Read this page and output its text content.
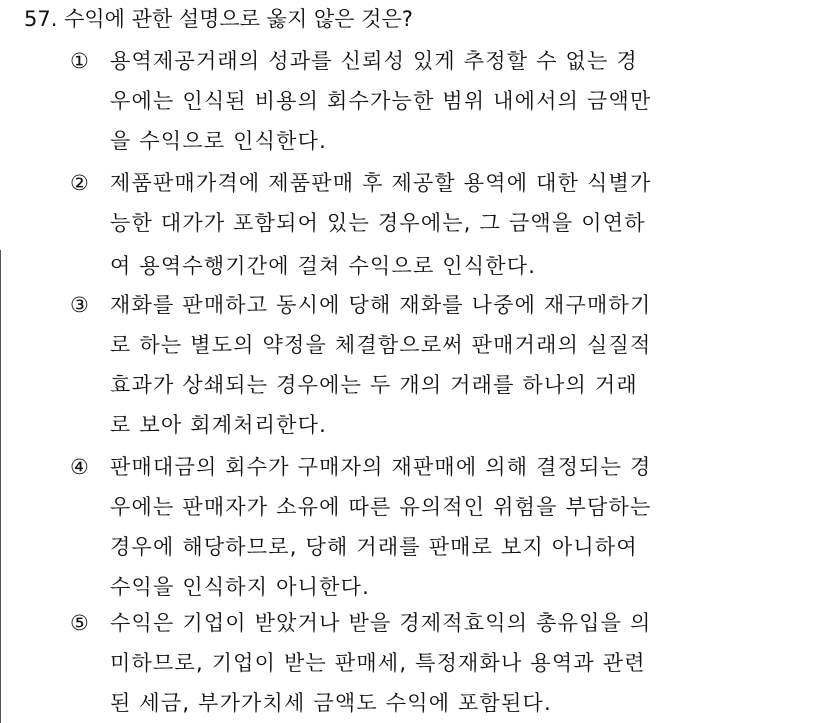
57. 수익에 관한 설명으로 옳지 않은 것은?
①	용역제공거래의 성과를 신뢰성 있게 추정할 수 없는 경
우에는 인식된 비용의 회수가능한 범위 내에서의 금액만
을 수익으로 인식한다.
②	제품판매가격에 제품판매 후 제공할 용역에 대한 식별가
능한 대가가 포함되어 있는 경우에는, 그 금액을 이연하
여 용역수행기간에 걸쳐 수익으로 인식한다.
③	재화를 판매하고 동시에 당해 재화를 나중에 재구매하기
로 하는 별도의 약정을 체결함으로써 판매거래의 실질적
효과가 상쇄되는 경우에는 두 개의 거래를 하나의 거래
로 보아 회계처리한다.
④	판매대금의 회수가 구매자의 재판매에 의해 결정되는 경
우에는 판매자가 소유에 따른 유의적인 위험을 부담하는
경우에 해당하므로, 당해 거래를 판매로 보지 아니하여
수익을 인식하지 아니한다.
⑤	수익은 기업이 받았거나 받을 경제적효익의 총유입을 의
미하므로, 기업이 받는 판매세, 특정재화나 용역과 관련
된 세금, 부가가치세 금액도 수익에 포함된다.
